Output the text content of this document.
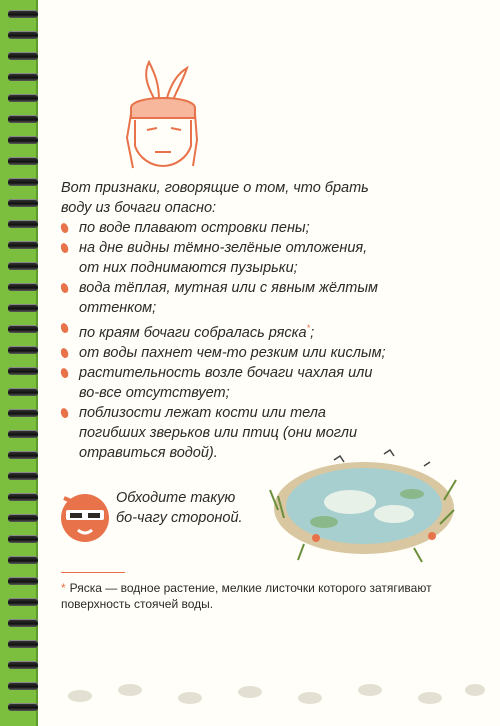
Вот признаки, говорящие о том, что брать воду из бочаги опасно:
по воде плавают островки пены;
на дне видны тёмно-зелёные отложения, от них поднимаются пузырьки;
вода тёплая, мутная или с явным жёлтым оттенком;
по краям бочаги собралась ряска*;
от воды пахнет чем-то резким или кислым;
растительность возле бочаги чахлая или во-все отсутствует;
поблизости лежат кости или тела погибших зверьков или птиц (они могли отравиться водой).
Обходите такую бо-чагу стороной.
* Ряска — водное растение, мелкие листочки которого затягивают поверхность стоячей воды.
